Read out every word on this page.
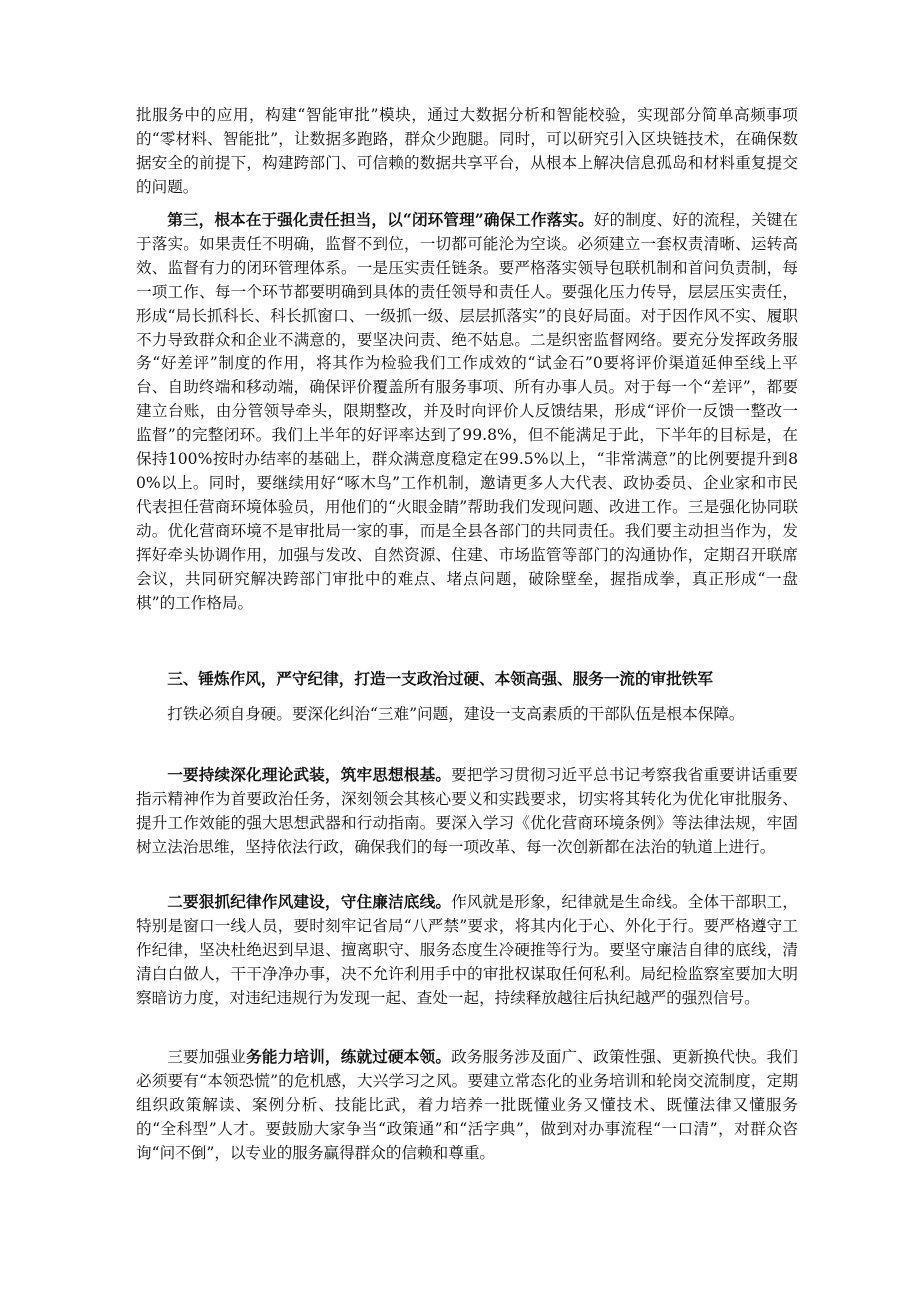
批服务中的应用，构建“智能审批”模块，通过大数据分析和智能校验，实现部分简单高频事项的“零材料、智能批”，让数据多跑路，群众少跑腿。同时，可以研究引入区块链技术，在确保数据安全的前提下，构建跨部门、可信赖的数据共享平台，从根本上解决信息孤岛和材料重复提交的问题。

第三，根本在于强化责任担当，以“闭环管理”确保工作落实。好的制度、好的流程，关键在于落实。如果责任不明确，监督不到位，一切都可能沦为空谈。必须建立一套权责清晰、运转高效、监督有力的闭环管理体系。一是压实责任链条。要严格落实领导包联机制和首问负责制，每一项工作、每一个环节都要明确到具体的责任领导和责任人。要强化压力传导，层层压实责任，形成“局长抓科长、科长抓窗口、一级抓一级、层层抓落实”的良好局面。对于因作风不实、履职不力导致群众和企业不满意的，要坚决问责、绝不姑息。二是织密监督网络。要充分发挥政务服务“好差评”制度的作用，将其作为检验我们工作成效的“试金石”0要将评价渠道延伸至线上平台、自助终端和移动端，确保评价覆盖所有服务事项、所有办事人员。对于每一个“差评”，都要建立台账，由分管领导牵头，限期整改，并及时向评价人反馈结果，形成“评价一反馈一整改一监督”的完整闭环。我们上半年的好评率达到了99.8%，但不能满足于此，下半年的目标是，在保持100%按时办结率的基础上，群众满意度稳定在99.5%以上，“非常满意”的比例要提升到80%以上。同时，要继续用好“啄木鸟”工作机制，邀请更多人大代表、政协委员、企业家和市民代表担任营商环境体验员，用他们的“火眼金睛”帮助我们发现问题、改进工作。三是强化协同联动。优化营商环境不是审批局一家的事，而是全县各部门的共同责任。我们要主动担当作为，发挥好牵头协调作用，加强与发改、自然资源、住建、市场监管等部门的沟通协作，定期召开联席会议，共同研究解决跨部门审批中的难点、堵点问题，破除壁垒，握指成拳，真正形成“一盘棋”的工作格局。

三、锤炼作风，严守纪律，打造一支政治过硬、本领高强、服务一流的审批铁军

打铁必须自身硬。要深化纠治“三难”问题，建设一支高素质的干部队伍是根本保障。

一要持续深化理论武装，筑牢思想根基。要把学习贯彻习近平总书记考察我省重要讲话重要指示精神作为首要政治任务，深刻领会其核心要义和实践要求，切实将其转化为优化审批服务、提升工作效能的强大思想武器和行动指南。要深入学习《优化营商环境条例》等法律法规，牢固树立法治思维，坚持依法行政，确保我们的每一项改革、每一次创新都在法治的轨道上进行。

二要狠抓纪律作风建设，守住廉洁底线。作风就是形象，纪律就是生命线。全体干部职工，特别是窗口一线人员，要时刻牢记省局“八严禁”要求，将其内化于心、外化于行。要严格遵守工作纪律，坚决杜绝迟到早退、擅离职守、服务态度生冷硬推等行为。要坚守廉洁自律的底线，清清白白做人，干干净净办事，决不允许利用手中的审批权谋取任何私利。局纪检监察室要加大明察暗访力度，对违纪违规行为发现一起、查处一起，持续释放越往后执纪越严的强烈信号。

三要加强业务能力培训，练就过硬本领。政务服务涉及面广、政策性强、更新换代快。我们必须要有“本领恐慌”的危机感，大兴学习之风。要建立常态化的业务培训和轮岗交流制度，定期组织政策解读、案例分析、技能比武，着力培养一批既懂业务又懂技术、既懂法律又懂服务的“全科型”人才。要鼓励大家争当“政策通”和“活字典”，做到对办事流程“一口清”，对群众咨询“问不倒”，以专业的服务赢得群众的信赖和尊重。
